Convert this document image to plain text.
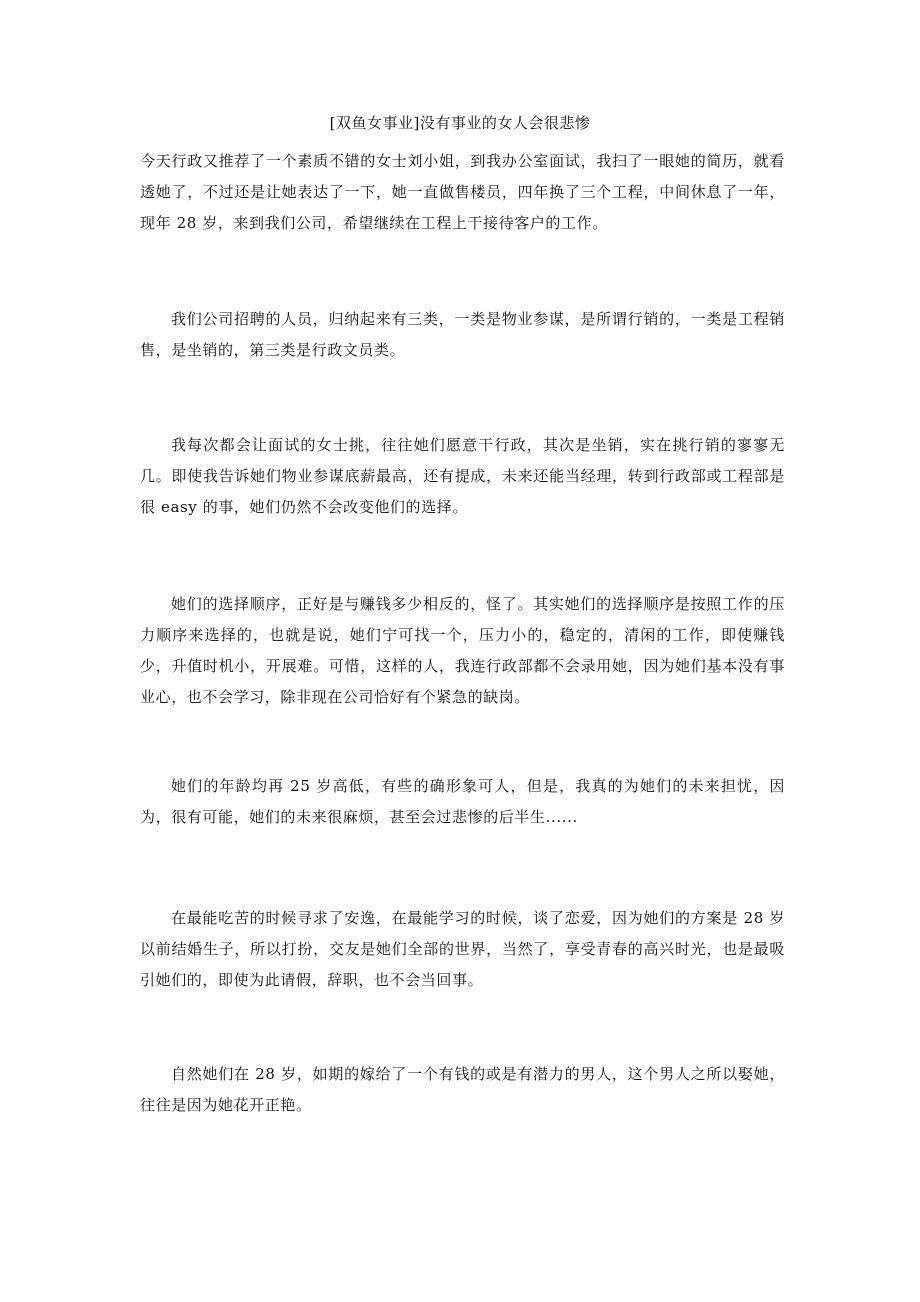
[双鱼女事业]没有事业的女人会很悲惨

今天行政又推荐了一个素质不错的女士刘小姐，到我办公室面试，我扫了一眼她的简历，就看透她了，不过还是让她表达了一下，她一直做售楼员，四年换了三个工程，中间休息了一年，现年 28 岁，来到我们公司，希望继续在工程上干接待客户的工作。

我们公司招聘的人员，归纳起来有三类，一类是物业参谋，是所谓行销的，一类是工程销售，是坐销的，第三类是行政文员类。

我每次都会让面试的女士挑，往往她们愿意干行政，其次是坐销，实在挑行销的寥寥无几。即使我告诉她们物业参谋底薪最高，还有提成，未来还能当经理，转到行政部或工程部是很 easy 的事，她们仍然不会改变他们的选择。

她们的选择顺序，正好是与赚钱多少相反的，怪了。其实她们的选择顺序是按照工作的压力顺序来选择的，也就是说，她们宁可找一个，压力小的，稳定的，清闲的工作，即使赚钱少，升值时机小，开展难。可惜，这样的人，我连行政部都不会录用她，因为她们基本没有事业心，也不会学习，除非现在公司恰好有个紧急的缺岗。

她们的年龄均再 25 岁高低，有些的确形象可人，但是，我真的为她们的未来担忧，因为，很有可能，她们的未来很麻烦，甚至会过悲惨的后半生......

在最能吃苦的时候寻求了安逸，在最能学习的时候，谈了恋爱，因为她们的方案是 28 岁以前结婚生子，所以打扮，交友是她们全部的世界，当然了，享受青春的高兴时光，也是最吸引她们的，即使为此请假，辞职，也不会当回事。

自然她们在 28 岁，如期的嫁给了一个有钱的或是有潜力的男人，这个男人之所以娶她，往往是因为她花开正艳。
